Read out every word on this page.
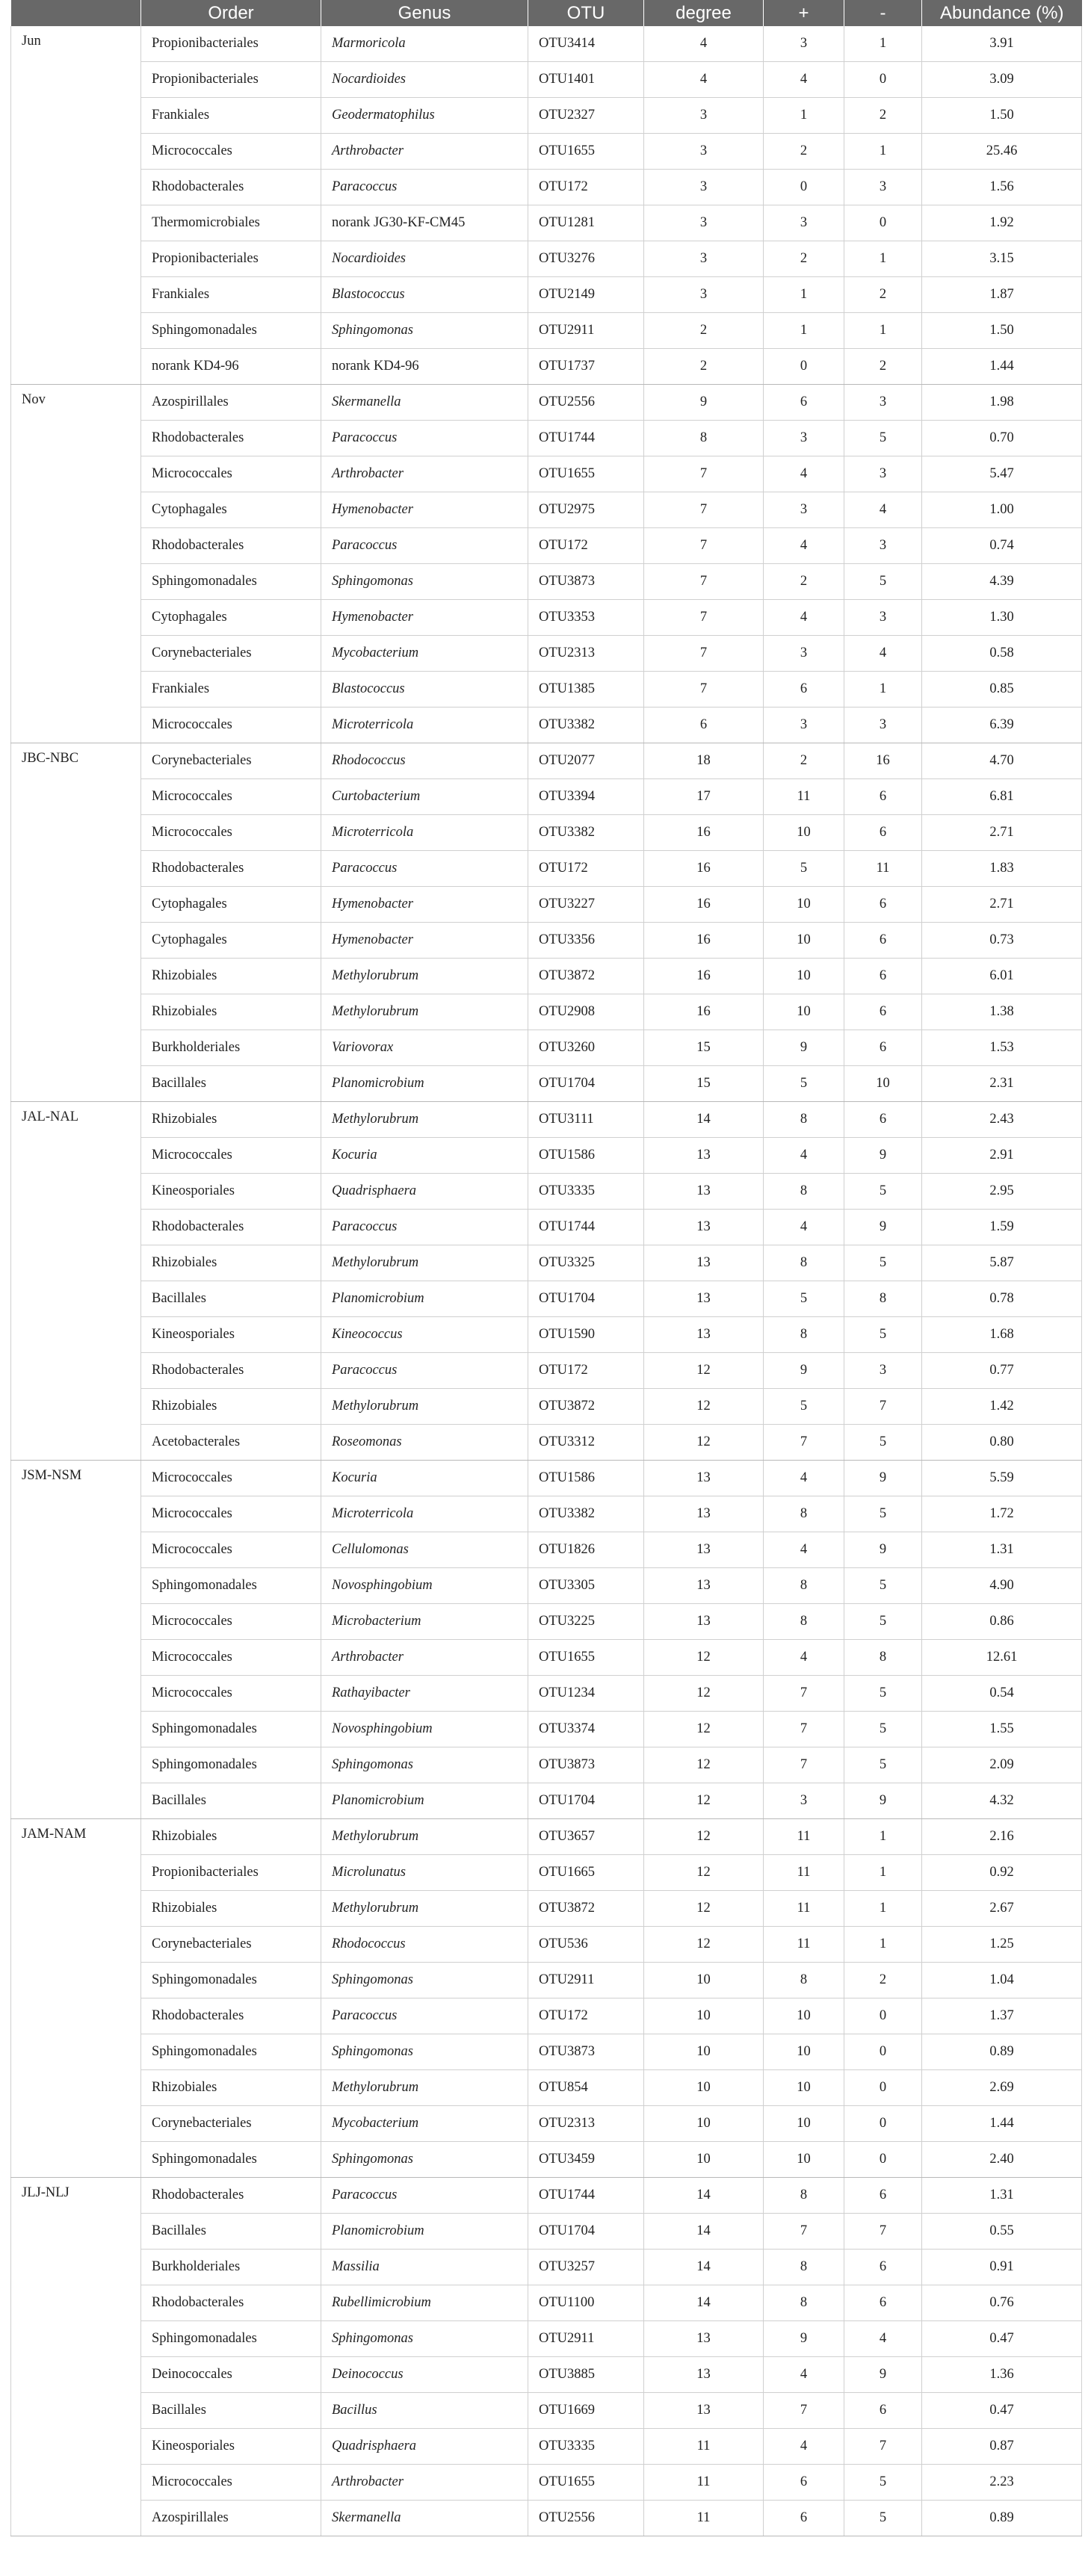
	Order	Genus	OTU	degree	+	-	Abundance (%)
Jun	Propionibacteriales	Marmoricola	OTU3414	4	3	1	3.91
	Propionibacteriales	Nocardioides	OTU1401	4	4	0	3.09
	Frankiales	Geodermatophilus	OTU2327	3	1	2	1.50
	Micrococcales	Arthrobacter	OTU1655	3	2	1	25.46
	Rhodobacterales	Paracoccus	OTU172	3	0	3	1.56
	Thermomicrobiales	norank JG30-KF-CM45	OTU1281	3	3	0	1.92
	Propionibacteriales	Nocardioides	OTU3276	3	2	1	3.15
	Frankiales	Blastococcus	OTU2149	3	1	2	1.87
	Sphingomonadales	Sphingomonas	OTU2911	2	1	1	1.50
	norank KD4-96	norank KD4-96	OTU1737	2	0	2	1.44
Nov	Azospirillales	Skermanella	OTU2556	9	6	3	1.98
	Rhodobacterales	Paracoccus	OTU1744	8	3	5	0.70
	Micrococcales	Arthrobacter	OTU1655	7	4	3	5.47
	Cytophagales	Hymenobacter	OTU2975	7	3	4	1.00
	Rhodobacterales	Paracoccus	OTU172	7	4	3	0.74
	Sphingomonadales	Sphingomonas	OTU3873	7	2	5	4.39
	Cytophagales	Hymenobacter	OTU3353	7	4	3	1.30
	Corynebacteriales	Mycobacterium	OTU2313	7	3	4	0.58
	Frankiales	Blastococcus	OTU1385	7	6	1	0.85
	Micrococcales	Microterricola	OTU3382	6	3	3	6.39
JBC-NBC	Corynebacteriales	Rhodococcus	OTU2077	18	2	16	4.70
	Micrococcales	Curtobacterium	OTU3394	17	11	6	6.81
	Micrococcales	Microterricola	OTU3382	16	10	6	2.71
	Rhodobacterales	Paracoccus	OTU172	16	5	11	1.83
	Cytophagales	Hymenobacter	OTU3227	16	10	6	2.71
	Cytophagales	Hymenobacter	OTU3356	16	10	6	0.73
	Rhizobiales	Methylorubrum	OTU3872	16	10	6	6.01
	Rhizobiales	Methylorubrum	OTU2908	16	10	6	1.38
	Burkholderiales	Variovorax	OTU3260	15	9	6	1.53
	Bacillales	Planomicrobium	OTU1704	15	5	10	2.31
JAL-NAL	Rhizobiales	Methylorubrum	OTU3111	14	8	6	2.43
	Micrococcales	Kocuria	OTU1586	13	4	9	2.91
	Kineosporiales	Quadrisphaera	OTU3335	13	8	5	2.95
	Rhodobacterales	Paracoccus	OTU1744	13	4	9	1.59
	Rhizobiales	Methylorubrum	OTU3325	13	8	5	5.87
	Bacillales	Planomicrobium	OTU1704	13	5	8	0.78
	Kineosporiales	Kineococcus	OTU1590	13	8	5	1.68
	Rhodobacterales	Paracoccus	OTU172	12	9	3	0.77
	Rhizobiales	Methylorubrum	OTU3872	12	5	7	1.42
	Acetobacterales	Roseomonas	OTU3312	12	7	5	0.80
JSM-NSM	Micrococcales	Kocuria	OTU1586	13	4	9	5.59
	Micrococcales	Microterricola	OTU3382	13	8	5	1.72
	Micrococcales	Cellulomonas	OTU1826	13	4	9	1.31
	Sphingomonadales	Novosphingobium	OTU3305	13	8	5	4.90
	Micrococcales	Microbacterium	OTU3225	13	8	5	0.86
	Micrococcales	Arthrobacter	OTU1655	12	4	8	12.61
	Micrococcales	Rathayibacter	OTU1234	12	7	5	0.54
	Sphingomonadales	Novosphingobium	OTU3374	12	7	5	1.55
	Sphingomonadales	Sphingomonas	OTU3873	12	7	5	2.09
	Bacillales	Planomicrobium	OTU1704	12	3	9	4.32
JAM-NAM	Rhizobiales	Methylorubrum	OTU3657	12	11	1	2.16
	Propionibacteriales	Microlunatus	OTU1665	12	11	1	0.92
	Rhizobiales	Methylorubrum	OTU3872	12	11	1	2.67
	Corynebacteriales	Rhodococcus	OTU536	12	11	1	1.25
	Sphingomonadales	Sphingomonas	OTU2911	10	8	2	1.04
	Rhodobacterales	Paracoccus	OTU172	10	10	0	1.37
	Sphingomonadales	Sphingomonas	OTU3873	10	10	0	0.89
	Rhizobiales	Methylorubrum	OTU854	10	10	0	2.69
	Corynebacteriales	Mycobacterium	OTU2313	10	10	0	1.44
	Sphingomonadales	Sphingomonas	OTU3459	10	10	0	2.40
JLJ-NLJ	Rhodobacterales	Paracoccus	OTU1744	14	8	6	1.31
	Bacillales	Planomicrobium	OTU1704	14	7	7	0.55
	Burkholderiales	Massilia	OTU3257	14	8	6	0.91
	Rhodobacterales	Rubellimicrobium	OTU1100	14	8	6	0.76
	Sphingomonadales	Sphingomonas	OTU2911	13	9	4	0.47
	Deinococcales	Deinococcus	OTU3885	13	4	9	1.36
	Bacillales	Bacillus	OTU1669	13	7	6	0.47
	Kineosporiales	Quadrisphaera	OTU3335	11	4	7	0.87
	Micrococcales	Arthrobacter	OTU1655	11	6	5	2.23
	Azospirillales	Skermanella	OTU2556	11	6	5	0.89
